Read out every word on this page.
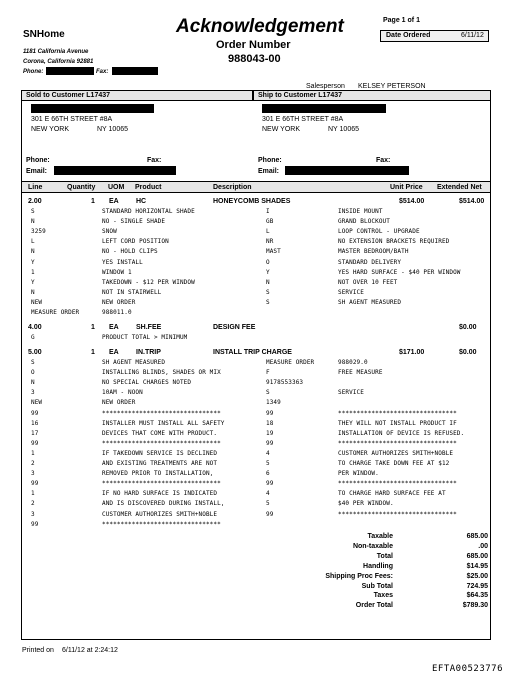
SNHome
1181 California Avenue
Corona, California 92881
Phone:	Fax:
Acknowledgement
Order Number
988043-00
Page 1 of 1
Date Ordered	6/11/12
Salesperson KELSEY PETERSON
Sold to Customer L17437	Ship to Customer L17437
301 E 66TH STREET #8A
NEW YORK	NY 10065
Phone:	Fax:
Email:
301 E 66TH STREET #8A
NEW YORK	NY 10065
Phone:	Fax:
Email:
Line	Quantity UOM Product	Description	Unit Price Extended Net
2.00	1 EA HC	HONEYCOMB SHADES	$514.00	$514.00
S	STANDARD HORIZONTAL SHADE	I	INSIDE MOUNT
N	NO - SINGLE SHADE	GB	GRAND BLOCKOUT
3259	SNOW	L	LOOP CONTROL - UPGRADE
L	LEFT CORD POSITION	NR	NO EXTENSION BRACKETS REQUIRED
N	NO - HOLD CLIPS	MAST	MASTER BEDROOM/BATH
Y	YES INSTALL	O	STANDARD DELIVERY
1	WINDOW 1	Y	YES HARD SURFACE - $40 PER WINDOW
Y	TAKEDOWN - $12 PER WINDOW	N	NOT OVER 10 FEET
N	NOT IN STAIRWELL	S	SERVICE
NEW	NEW ORDER	S	SH AGENT MEASURED
MEASURE ORDER	988011.0
4.00	1 EA SH.FEE	DESIGN FEE	$0.00
G	PRODUCT TOTAL > MINIMUM
5.00	1 EA IN.TRIP	INSTALL TRIP CHARGE	$171.00	$0.00
S	SH AGENT MEASURED	MEASURE ORDER	988029.0
O	INSTALLING BLINDS, SHADES OR MIX	F	FREE MEASURE
N	NO SPECIAL CHARGES NOTED	9178553363
3	10AM - NOON	S	SERVICE
NEW	NEW ORDER	1349
99	********************************	99	********************************
16	INSTALLER MUST INSTALL ALL SAFETY	18	THEY WILL NOT INSTALL PRODUCT IF
17	DEVICES THAT COME WITH PRODUCT.	19	INSTALLATION OF DEVICE IS REFUSED.
99	********************************	99	********************************
1	IF TAKEDOWN SERVICE IS DECLINED	4	CUSTOMER AUTHORIZES SMITH+NOBLE
2	AND EXISTING TREATMENTS ARE NOT	5	TO CHARGE TAKE DOWN FEE AT $12
3	REMOVED PRIOR TO INSTALLATION,	6	PER WINDOW.
99	********************************	99	********************************
1	IF NO HARD SURFACE IS INDICATED	4	TO CHARGE HARD SURFACE FEE AT
2	AND IS DISCOVERED DURING INSTALL,	5	$40 PER WINDOW.
3	CUSTOMER AUTHORIZES SMITH+NOBLE	99	********************************
99	********************************
Taxable	685.00
Non-taxable	.00
Total	685.00
Handling	$14.95
Shipping Proc Fees:	$25.00
Sub Total	724.95
Taxes	$64.35
Order Total	$789.30
Printed on 6/11/12 at 2:24:12
EFTA00523776
